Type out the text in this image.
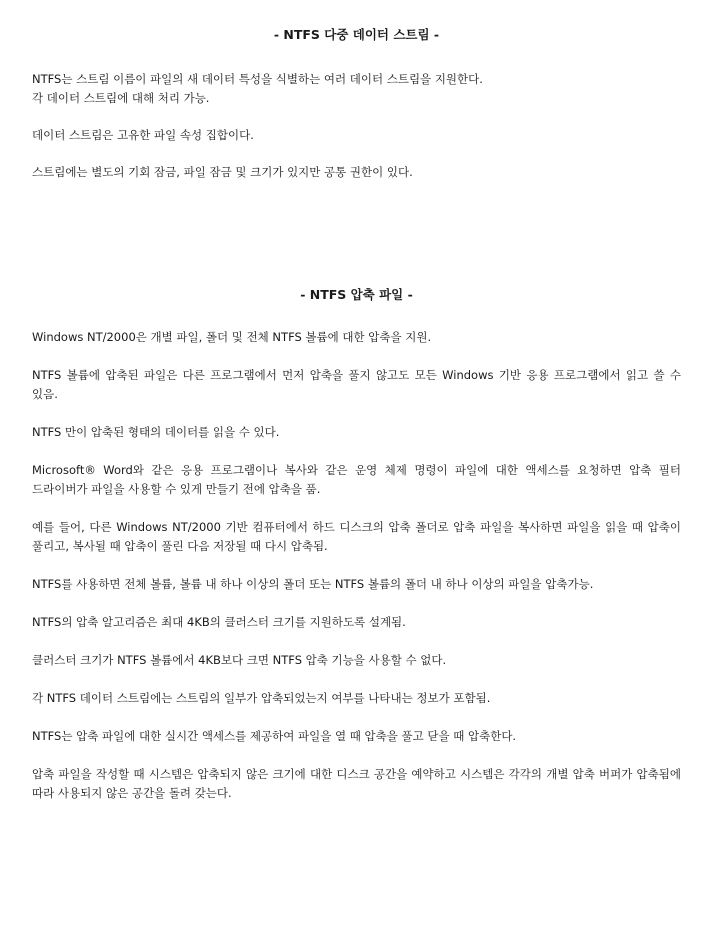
- NTFS 다중 데이터 스트림 -

NTFS는 스트림 이름이 파일의 새 데이터 특성을 식별하는 여러 데이터 스트림을 지원한다.
각 데이터 스트림에 대해 처리 가능.

데이터 스트림은 고유한 파일 속성 집합이다.

스트림에는 별도의 기회 잠금, 파일 잠금 및 크기가 있지만 공통 권한이 있다.

- NTFS 압축 파일 -

Windows NT/2000은 개별 파일, 폴더 및 전체 NTFS 볼륨에 대한 압축을 지원.

NTFS 볼륨에 압축된 파일은 다른 프로그램에서 먼저 압축을 풀지 않고도 모든 Windows 기반 응용 프로그램에서 읽고 쓸 수 있음.

NTFS 만이 압축된 형태의 데이터를 읽을 수 있다.

Microsoft® Word와 같은 응용 프로그램이나 복사와 같은 운영 체제 명령이 파일에 대한 액세스를 요청하면 압축 필터 드라이버가 파일을 사용할 수 있게 만들기 전에 압축을 품.

예를 들어, 다른 Windows NT/2000 기반 컴퓨터에서 하드 디스크의 압축 폴더로 압축 파일을 복사하면 파일을 읽을 때 압축이 풀리고, 복사될 때 압축이 풀린 다음 저장될 때 다시 압축됨.

NTFS를 사용하면 전체 볼륨, 볼륨 내 하나 이상의 폴더 또는 NTFS 볼륨의 폴더 내 하나 이상의 파일을 압축가능.

NTFS의 압축 알고리즘은 최대 4KB의 클러스터 크기를 지원하도록 설계됨.

클러스터 크기가 NTFS 볼륨에서 4KB보다 크면 NTFS 압축 기능을 사용할 수 없다.

각 NTFS 데이터 스트림에는 스트림의 일부가 압축되었는지 여부를 나타내는 정보가 포함됨.

NTFS는 압축 파일에 대한 실시간 액세스를 제공하여 파일을 열 때 압축을 풀고 닫을 때 압축한다.

압축 파일을 작성할 때 시스템은 압축되지 않은 크기에 대한 디스크 공간을 예약하고 시스템은 각각의 개별 압축 버퍼가 압축됨에 따라 사용되지 않은 공간을 돌려 갖는다.
